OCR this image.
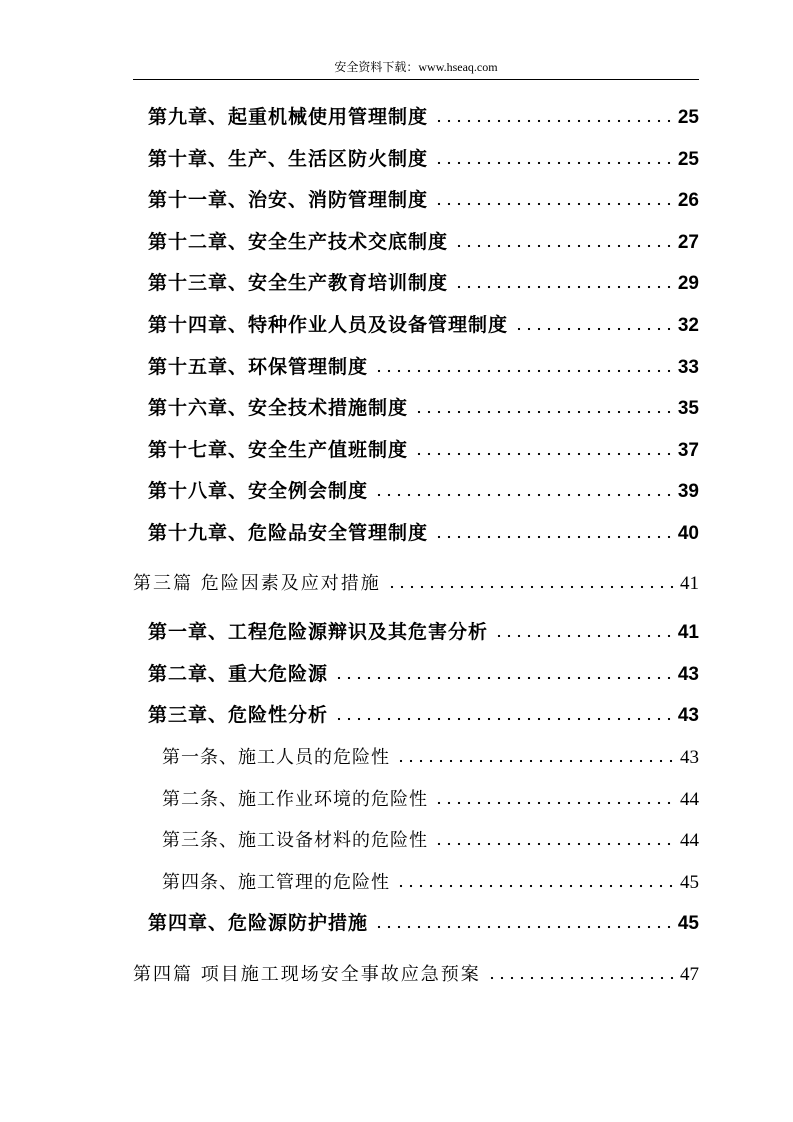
安全资料下载：www.hseaq.com
第九章、起重机械使用管理制度	25
第十章、生产、生活区防火制度	25
第十一章、治安、消防管理制度	26
第十二章、安全生产技术交底制度	27
第十三章、安全生产教育培训制度	29
第十四章、特种作业人员及设备管理制度	32
第十五章、环保管理制度	33
第十六章、安全技术措施制度	35
第十七章、安全生产值班制度	37
第十八章、安全例会制度	39
第十九章、危险品安全管理制度	40
第三篇 危险因素及应对措施	41
第一章、工程危险源辩识及其危害分析	41
第二章、重大危险源	43
第三章、危险性分析	43
第一条、施工人员的危险性	43
第二条、施工作业环境的危险性	44
第三条、施工设备材料的危险性	44
第四条、施工管理的危险性	45
第四章、危险源防护措施	45
第四篇 项目施工现场安全事故应急预案	47
